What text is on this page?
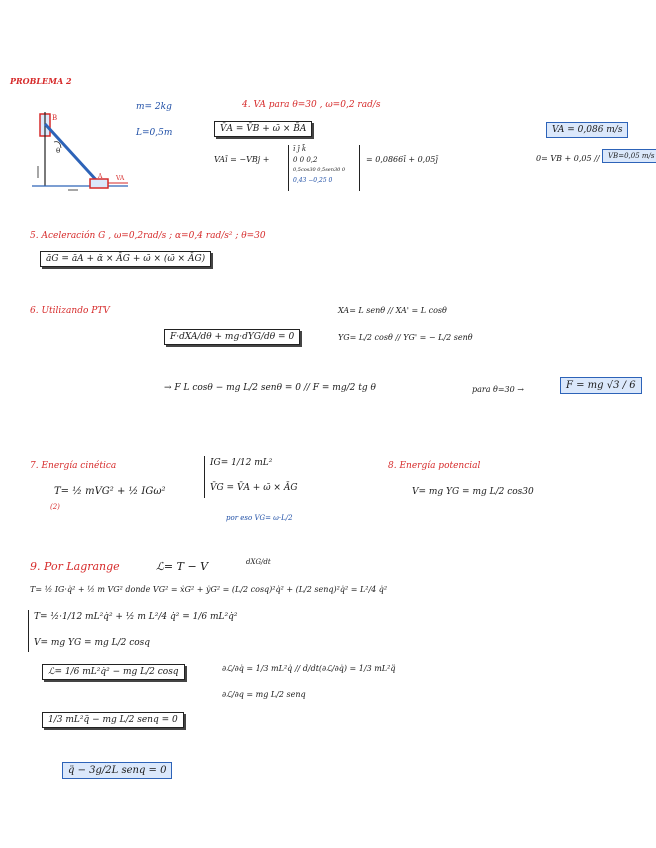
PROBLEMA 2
B
A
θ
VA
m= 2kg
L=0,5m
4. VA para θ=30 , ω=0,2 rad/s
V̄A = V̄B + ω̄ × B̄A	VA = 0,086 m/s
VAī = −VBj +
ī j̄ k̄
0 0 0,2
0,5cos30 0,5sen30 0
0,43 −0,25 0
= 0,0866ī + 0,05j̄	0= VB + 0,05 //	VB=0,05 m/s
5. Aceleración G , ω=0,2rad/s ; α=0,4 rad/s² ; θ=30
āG = āA + ᾱ × ĀG + ω̄ × (ω̄ × ĀG)
6. Utilizando PTV	XA= L senθ // XA' = L cosθ
YG= L/2 cosθ // YG' = − L/2 senθ
F·dXA/dθ + mg·dYG/dθ = 0
→ F L cosθ − mg L/2 senθ = 0 // F = mg/2 tg θ	para θ=30 →	F = mg √3 / 6
7. Energía cinética
T= ½ mVG² + ½ IGω²
(2)
IG= 1/12 mL²
V̄G = V̄A + ω̄ × ĀG
por eso VG= ω·L/2
8. Energía potencial
V= mg YG = mg L/2 cos30
9. Por Lagrange	ℒ= T − V	dXG/dt
T= ½ IG·q̇² + ½ m VG² donde VG² = ẋG² + ẏG² = (L/2 cosq)²q̇² + (L/2 senq)²q̇² = L²/4 q̇²
T= ½·1/12 mL²q̇² + ½ m L²/4 q̇² = 1/6 mL²q̇²
V= mg YG = mg L/2 cosq
ℒ= 1/6 mL²q̇² − mg L/2 cosq	∂ℒ/∂q̇ = 1/3 mL²q̇ // d/dt(∂ℒ/∂q̇) = 1/3 mL²q̈
∂ℒ/∂q = mg L/2 senq
1/3 mL²q̈ − mg L/2 senq = 0
q̈ − 3g/2L senq = 0
